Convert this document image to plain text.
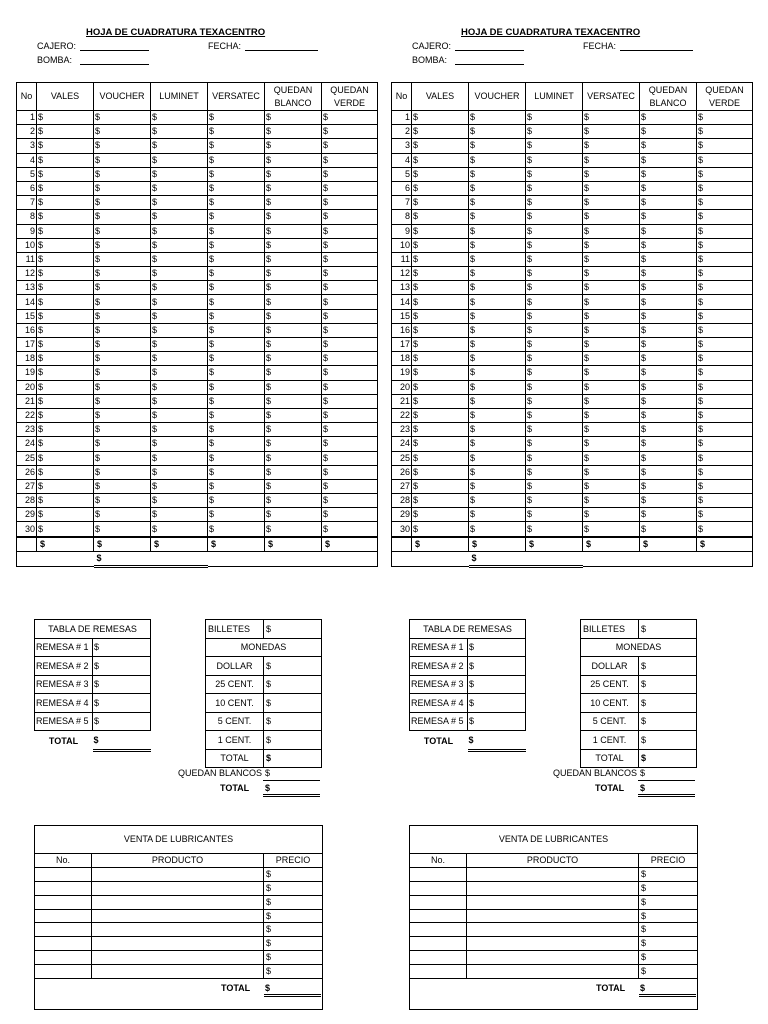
HOJA DE CUADRATURA TEXACENTRO
CAJERO:	FECHA:
BOMBA:
No	VALES	VOUCHER	LUMINET	VERSATEC	QUEDAN BLANCO	QUEDAN VERDE
1	$	$	$	$	$	$
2	$	$	$	$	$	$
3	$	$	$	$	$	$
4	$	$	$	$	$	$
5	$	$	$	$	$	$
6	$	$	$	$	$	$
7	$	$	$	$	$	$
8	$	$	$	$	$	$
9	$	$	$	$	$	$
10	$	$	$	$	$	$
11	$	$	$	$	$	$
12	$	$	$	$	$	$
13	$	$	$	$	$	$
14	$	$	$	$	$	$
15	$	$	$	$	$	$
16	$	$	$	$	$	$
17	$	$	$	$	$	$
18	$	$	$	$	$	$
19	$	$	$	$	$	$
20	$	$	$	$	$	$
21	$	$	$	$	$	$
22	$	$	$	$	$	$
23	$	$	$	$	$	$
24	$	$	$	$	$	$
25	$	$	$	$	$	$
26	$	$	$	$	$	$
27	$	$	$	$	$	$
28	$	$	$	$	$	$
29	$	$	$	$	$	$
30	$	$	$	$	$	$
	$	$	$	$	$	$
		$				
TABLA DE REMESAS	
REMESA # 1	$
REMESA # 2	$
REMESA # 3	$
REMESA # 4	$
REMESA # 5	$
TOTAL	$
BILLETES	$
MONEDAS	
DOLLAR	$
25 CENT.	$
10 CENT.	$
5 CENT.	$
1 CENT.	$
TOTAL	$
QUEDAN BLANCOS $
TOTAL $
VENTA DE LUBRICANTES
No.	PRODUCTO	PRECIO
		$
		$
		$
		$
		$
		$
		$
		$
TOTAL $
HOJA DE CUADRATURA TEXACENTRO
CAJERO:	FECHA:
BOMBA:
No	VALES	VOUCHER	LUMINET	VERSATEC	QUEDAN BLANCO	QUEDAN VERDE
1	$	$	$	$	$	$
2	$	$	$	$	$	$
3	$	$	$	$	$	$
4	$	$	$	$	$	$
5	$	$	$	$	$	$
6	$	$	$	$	$	$
7	$	$	$	$	$	$
8	$	$	$	$	$	$
9	$	$	$	$	$	$
10	$	$	$	$	$	$
11	$	$	$	$	$	$
12	$	$	$	$	$	$
13	$	$	$	$	$	$
14	$	$	$	$	$	$
15	$	$	$	$	$	$
16	$	$	$	$	$	$
17	$	$	$	$	$	$
18	$	$	$	$	$	$
19	$	$	$	$	$	$
20	$	$	$	$	$	$
21	$	$	$	$	$	$
22	$	$	$	$	$	$
23	$	$	$	$	$	$
24	$	$	$	$	$	$
25	$	$	$	$	$	$
26	$	$	$	$	$	$
27	$	$	$	$	$	$
28	$	$	$	$	$	$
29	$	$	$	$	$	$
30	$	$	$	$	$	$
	$	$	$	$	$	$
		$				
TABLA DE REMESAS	
REMESA # 1	$
REMESA # 2	$
REMESA # 3	$
REMESA # 4	$
REMESA # 5	$
TOTAL	$
BILLETES	$
MONEDAS	
DOLLAR	$
25 CENT.	$
10 CENT.	$
5 CENT.	$
1 CENT.	$
TOTAL	$
QUEDAN BLANCOS $
TOTAL $
VENTA DE LUBRICANTES
No.	PRODUCTO	PRECIO
		$
		$
		$
		$
		$
		$
		$
		$
TOTAL $
